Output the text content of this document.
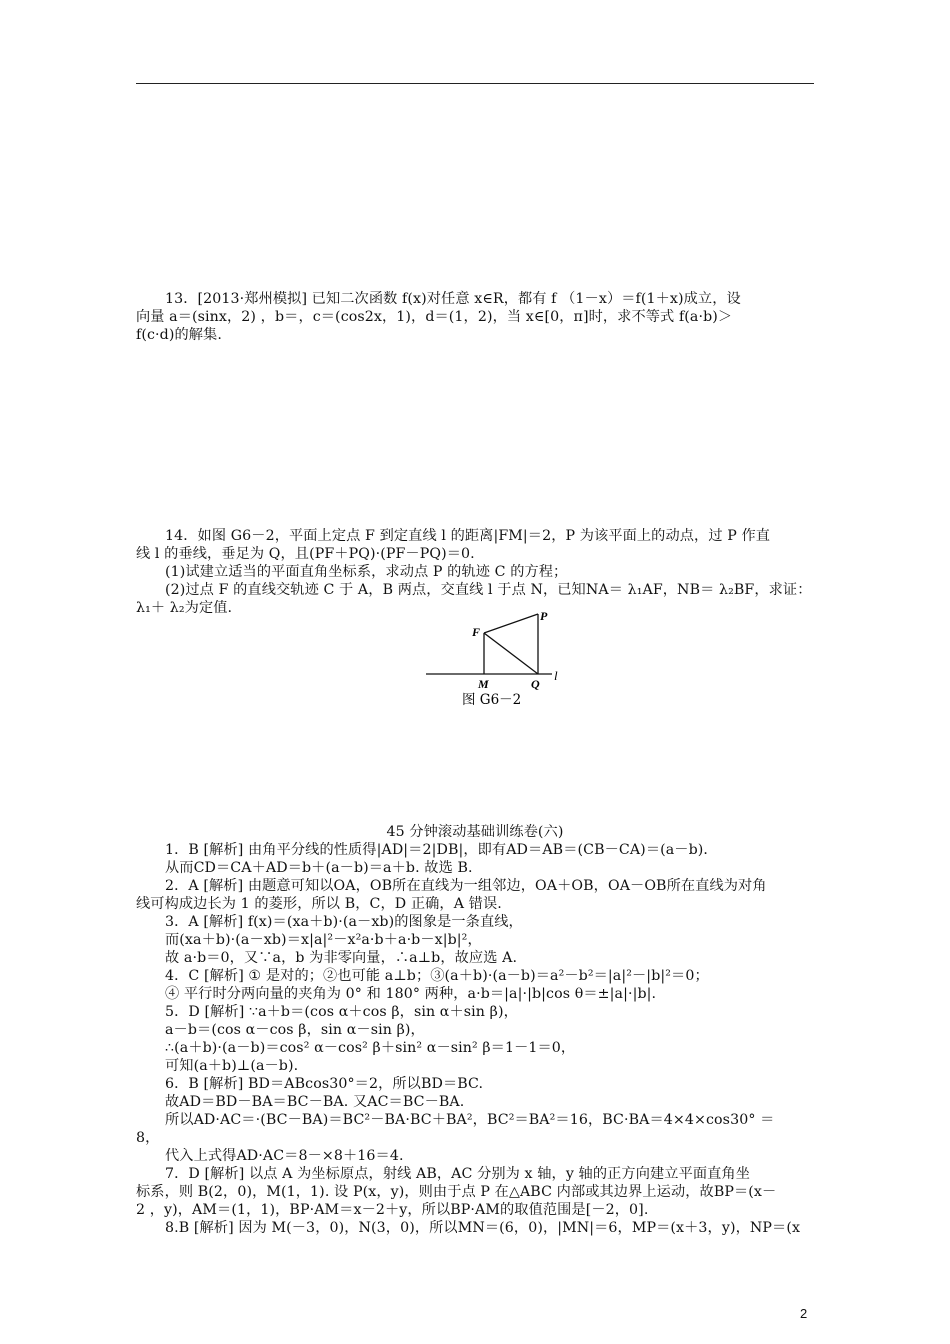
13．[2013·郑州模拟] 已知二次函数 f(x)对任意 x∈R，都有 f （1－x）＝f(1＋x)成立，设

向量 a＝(sinx，2) ，b＝，c＝(cos2x，1)，d＝(1，2)，当 x∈[0，π]时，求不等式 f(a·b)＞

f(c·d)的解集.

14．如图 G6－2，平面上定点 F 到定直线 l 的距离|FM|＝2，P 为该平面上的动点，过 P 作直

线 l 的垂线，垂足为 Q，且(PF＋PQ)·(PF－PQ)＝0.

(1)试建立适当的平面直角坐标系，求动点 P 的轨迹 C 的方程；

(2)过点 F 的直线交轨迹 C 于 A，B 两点，交直线 l 于点 N，已知NA＝ λ₁AF，NB＝ λ₂BF，求证：

λ₁＋ λ₂为定值.

F
P
M	Q
l
图 G6－2

45 分钟滚动基础训练卷(六)

1．B [解析] 由角平分线的性质得|AD|＝2|DB|，即有AD＝AB＝(CB－CA)＝(a－b)．

从而CD＝CA＋AD＝b＋(a－b)＝a＋b. 故选 B.

2．A [解析] 由题意可知以OA，OB所在直线为一组邻边，OA＋OB，OA－OB所在直线为对角

线可构成边长为 1 的菱形，所以 B，C，D 正确，A 错误.

3．A [解析] f(x)＝(xa＋b)·(a－xb)的图象是一条直线，

而(xa＋b)·(a－xb)＝x|a|²－x²a·b＋a·b－x|b|²，

故 a·b＝0，又∵a，b 为非零向量，∴a⊥b，故应选 A.

4．C [解析] ① 是对的；②也可能 a⊥b；③(a＋b)·(a－b)＝a²－b²＝|a|²－|b|²＝0；

④ 平行时分两向量的夹角为 0° 和 180° 两种，a·b＝|a|·|b|cos θ＝±|a|·|b|.

5．D [解析] ∵a＋b＝(cos α＋cos β，sin α＋sin β)，

a－b＝(cos α－cos β，sin α－sin β)，

∴(a＋b)·(a－b)＝cos² α－cos² β＋sin² α－sin² β＝1－1＝0，

可知(a＋b)⊥(a－b).

6．B [解析] BD＝ABcos30°＝2，所以BD＝BC.

故AD＝BD－BA＝BC－BA. 又AC＝BC－BA.

所以AD·AC＝·(BC－BA)＝BC²－BA·BC＋BA²，BC²＝BA²＝16，BC·BA＝4×4×cos30° ＝

8，

代入上式得AD·AC＝8－×8＋16＝4.

7．D [解析] 以点 A 为坐标原点，射线 AB，AC 分别为 x 轴，y 轴的正方向建立平面直角坐

标系，则 B(2，0)，M(1，1). 设 P(x，y)，则由于点 P 在△ABC 内部或其边界上运动，故BP＝(x－

2 ，y)，AM＝(1，1)，BP·AM＝x－2＋y，所以BP·AM的取值范围是[－2，0].

8.B [解析] 因为 M(－3，0)，N(3，0)，所以MN＝(6，0)，|MN|＝6，MP＝(x＋3，y)，NP＝(x

2
